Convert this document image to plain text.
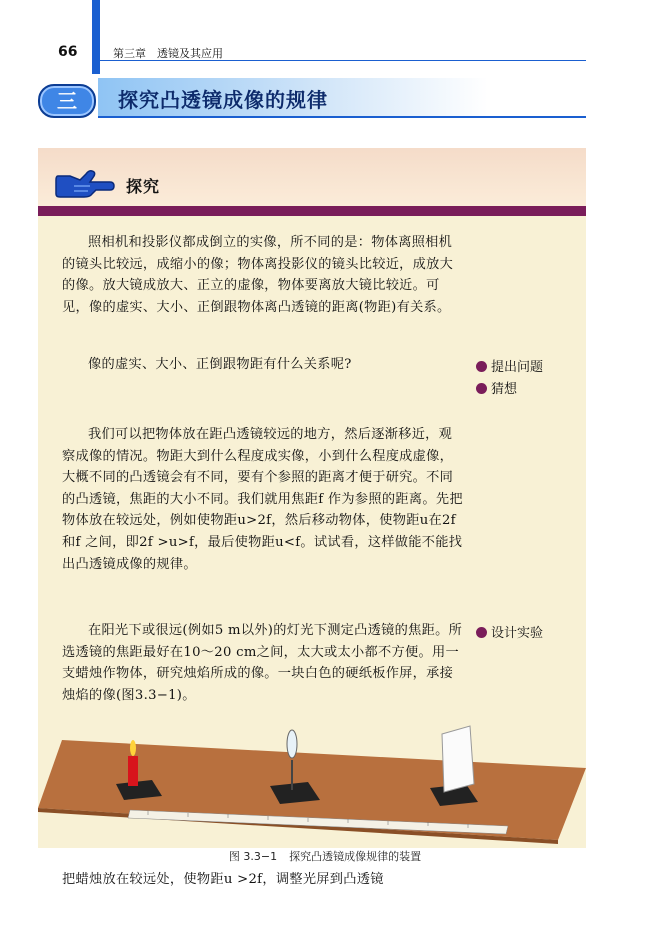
66	第三章　透镜及其应用
三	探究凸透镜成像的规律
探究
照相机和投影仪都成倒立的实像，所不同的是：物体离照相机的镜头比较远，成缩小的像；物体离投影仪的镜头比较近，成放大的像。放大镜成放大、正立的虚像，物体要离放大镜比较近。可见，像的虚实、大小、正倒跟物体离凸透镜的距离(物距)有关系。
像的虚实、大小、正倒跟物距有什么关系呢?
我们可以把物体放在距凸透镜较远的地方，然后逐渐移近，观察成像的情况。物距大到什么程度成实像，小到什么程度成虚像，大概不同的凸透镜会有不同，要有个参照的距离才便于研究。不同的凸透镜，焦距的大小不同。我们就用焦距f 作为参照的距离。先把物体放在较远处，例如使物距u>2f，然后移动物体，使物距u在2f 和f 之间，即2f >u>f，最后使物距u<f。试试看，这样做能不能找出凸透镜成像的规律。
在阳光下或很远(例如5 m以外)的灯光下测定凸透镜的焦距。所选透镜的焦距最好在10～20 cm之间，太大或太小都不方便。用一支蜡烛作物体，研究烛焰所成的像。一块白色的硬纸板作屏，承接烛焰的像(图3.3−1)。
提出问题
猜想
设计实验
图 3.3−1 探究凸透镜成像规律的装置
把蜡烛放在较远处，使物距u >2f，调整光屏到凸透镜
